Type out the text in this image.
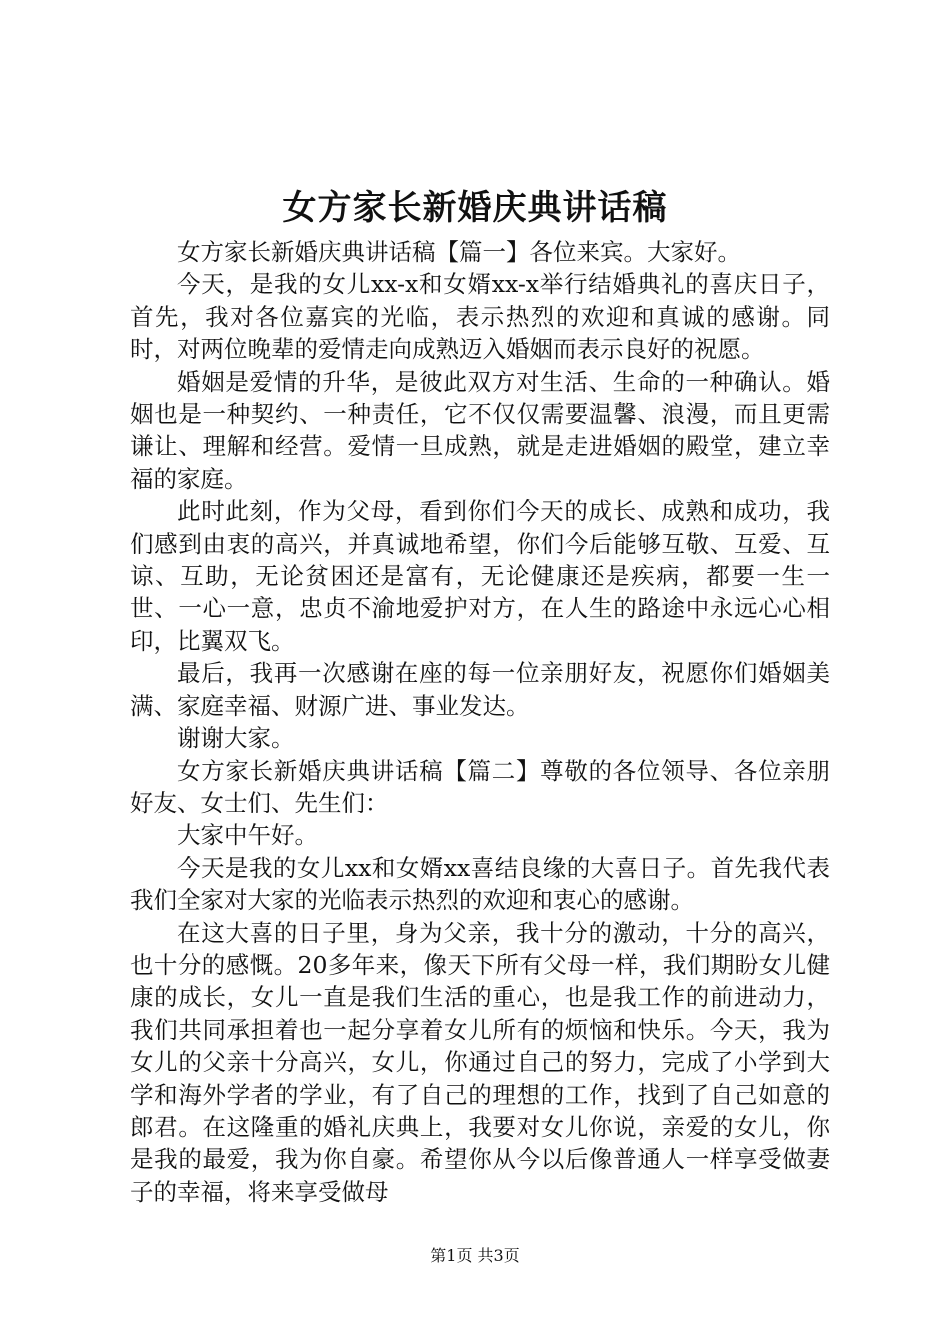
女方家长新婚庆典讲话稿

女方家长新婚庆典讲话稿【篇一】各位来宾。大家好。

今天，是我的女儿xx-x和女婿xx-x举行结婚典礼的喜庆日子，首先，我对各位嘉宾的光临，表示热烈的欢迎和真诚的感谢。同时，对两位晚辈的爱情走向成熟迈入婚姻而表示良好的祝愿。

婚姻是爱情的升华，是彼此双方对生活、生命的一种确认。婚姻也是一种契约、一种责任，它不仅仅需要温馨、浪漫，而且更需谦让、理解和经营。爱情一旦成熟，就是走进婚姻的殿堂，建立幸福的家庭。

此时此刻，作为父母，看到你们今天的成长、成熟和成功，我们感到由衷的高兴，并真诚地希望，你们今后能够互敬、互爱、互谅、互助，无论贫困还是富有，无论健康还是疾病，都要一生一世、一心一意，忠贞不渝地爱护对方，在人生的路途中永远心心相印，比翼双飞。

最后，我再一次感谢在座的每一位亲朋好友，祝愿你们婚姻美满、家庭幸福、财源广进、事业发达。

谢谢大家。

女方家长新婚庆典讲话稿【篇二】尊敬的各位领导、各位亲朋好友、女士们、先生们：

大家中午好。

今天是我的女儿xx和女婿xx喜结良缘的大喜日子。首先我代表我们全家对大家的光临表示热烈的欢迎和衷心的感谢。

在这大喜的日子里，身为父亲，我十分的激动，十分的高兴，也十分的感慨。20多年来，像天下所有父母一样，我们期盼女儿健康的成长，女儿一直是我们生活的重心，也是我工作的前进动力，我们共同承担着也一起分享着女儿所有的烦恼和快乐。今天，我为女儿的父亲十分高兴，女儿，你通过自己的努力，完成了小学到大学和海外学者的学业，有了自己的理想的工作，找到了自己如意的郎君。在这隆重的婚礼庆典上，我要对女儿你说，亲爱的女儿，你是我的最爱，我为你自豪。希望你从今以后像普通人一样享受做妻子的幸福，将来享受做母

第1页 共3页
